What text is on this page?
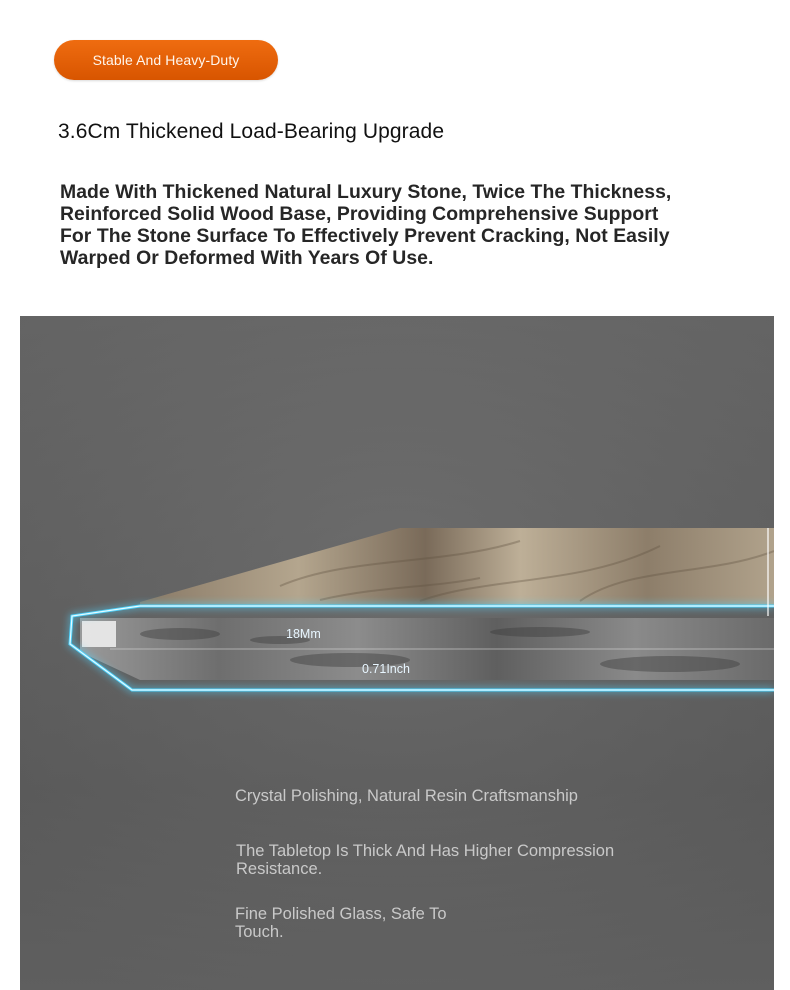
Stable And Heavy-Duty
3.6Cm Thickened Load-Bearing Upgrade

Made With Thickened Natural Luxury Stone, Twice The Thickness,
Reinforced Solid Wood Base, Providing Comprehensive Support
For The Stone Surface To Effectively Prevent Cracking, Not Easily
Warped Or Deformed With Years Of Use.

18Mm
0.71Inch

Crystal Polishing, Natural Resin Craftsmanship

The Tabletop Is Thick And Has Higher Compression
Resistance.

Fine Polished Glass, Safe To
Touch.
